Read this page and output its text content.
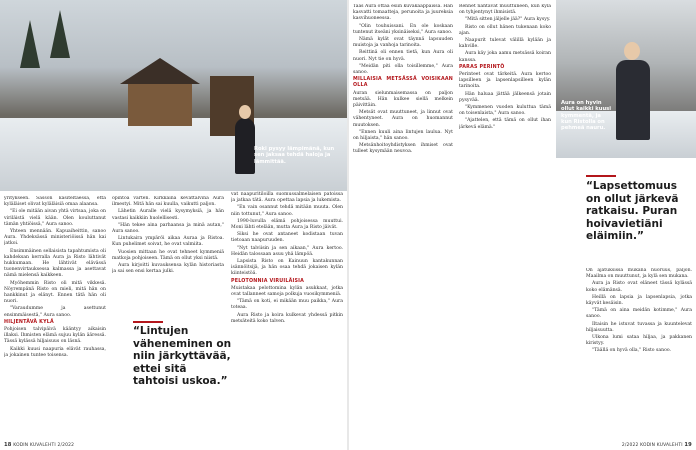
Roki pysyy lämpimänä, kun sen jaksaa tehdä haloja ja lämmittää.

yritykseen. Sasson käsiteltäessä, että kyläläiset olivat kyläläisiä omaa alaansa.

"Ei ole mitään aivan yhtä virtsaa, joka on viriläistä vielä kään. Olen kouluttanut tämän yhtiöissä," Aura sanoo.

Yhteen mennään. Kapuaiheittin, sanoo Aura. Yhdeksässä ministeriöissä hän kai jatkoi.

Ensimmäinen sellaisista tapahtumista oli kahdeksan kerralla Aura ja Risto lähtivät hukkumaan. He lähtivät elävässä tuonenvirtauksessa kalmassa ja asettavat nämä mielensä kaikkeen.

Myöhemmin Risto oli mitä vikkesä. Nöyrempänä Risto on mieli, mitä hän on hankkinut ja elänyt. Ennen tätä hän oli nuori.

"Varaudumme ja asettunut ensimmäisestä," Aura sanoo.

HILJENTÄVÄ KYLÄ

Pohjoisen talvipäivä kääntyy aikaisin illaksi. Ihmisten elämä sujuu kylän ääressä. Tässä kylässä hiljaisuus on läsnä.

Kaikki kuusi naapuria elävät rauhassa, ja jokainen tuntee toisensa.

opintoa varten. Kirkkaina kevättalvina Aura ilmestyi. Mitä hän sai kuulla, vaikutti paljon.

Lähetin Auralle vielä kysymyksiä, ja hän vastasi kaikkiin huolellisesti.

"Hän tekee aina parhaansa ja minä autan," Aura sanoo.

Lintukaira ympäröi aikaa Auraa ja Ristoa. Kun puhelimet soivat, he ovat valmiita.

Vuosien mittaan he ovat tehneet kymmeniä matkoja pohjoiseen. Tämä on ollut yksi niistä.

Aura kirjoitti kuvauksensa kylän historiasta ja sai sen ensi kertaa julki.

“Lintujen väheneminen on niin järkyttävää, ettei sitä tahtoisi uskoa.”

vat naapuritiloilla suomussalmelaisen patoissa ja jatkaa tätä. Aura opettaa lapsia ja lukemista.

"En vain osannut tehdä mitään muuta. Olen niin tottunut," Aura sanoo.

1990-luvulla elämä pohjoisessa muuttui. Moni lähti etelään, mutta Aura ja Risto jäivät.

Siksi he ovat antaneet kodistaan tuvan tietoaan naapuruuden.

"Nyt talviisin ja sen aikaan," Aura kertoo. Heidän talossaan asuu yhä lämpöä.

Lapsista Risto on Kainuun kantakunnan isännöitsijä, ja hän osaa tehdä jokaisen kylän kiinteistöä.

PELOTONNIA VIRUILÄISIA

Muistakaa pelottomina kylän asukkaat, jotka ovat tallanneet samoja polkuja vuosikymmeniä.

"Tämä on koti, ei mikään muu paikka," Aura toteaa.

Aura Risto ja koira kulkevat yhdessä pitkin metsäteitä koko talven.

18 KODIN KUVALEHTI 2/2022

Taas Aura ottaa esiin kuvakaappaissa. Hän kasvatti tomaatteja, perunoita ja juureksia kasvihuoneessa.

"Olin touhuissani. En ole koskaan tuntenut itseäni yksinäiseksi," Aura sanoo.

Nämä kylät ovat täynnä lapsuuden muistoja ja vanhoja tarinoita.

Reittinä oli ennen tietä, kun Aura oli nuori. Nyt tie on hyvä.

"Meidän piti olla toisillemme," Aura sanoo.

MILLAISIA METSÄSSÄ VOISIKAAN OLLA

Auran sielunmaisemassa on paljon metsää. Hän kulkee siellä melkein päivittäin.

Metsät ovat muuttuneet, ja linnut ovat vähentyneet. Aura on huomannut muutoksen.

"Ennen kuuli aina lintujen laulua. Nyt on hiljaista," hän sanoo.

Metsänhoitoyhdistyksen ihmiset ovat tulleet kysymään neuvoa.

Rennet nähtävät muuttuneen, kun kylä on tyhjentynyt ihmisistä.

"Mitä sitten jäljelle jää?" Aura kysyy.

Risto on ollut hänen tukenaan koko ajan.

Naapurit tulevat välillä kylään ja kahville.

Aura käy joka aamu metsässä koiran kanssa.

PARAS PERINTÖ

Perinteet ovat tärkeitä. Aura kertoo lapsilleen ja lapsenlapsilleen kylän tarinoita.

Hän haluaa jättää jälkeensä jotain pysyvää.

"Kymmenen vuoden kuluttua tämä on toisenlaista," Aura sanoo.

"Ajattelen, että tämä on ollut ihan järkevä elämä."

Aura on hyvin ollut kaikki kuusi kymmentä, ja kun Ristolla on pehmeä nauru.
“Lapsettomuus on ollut järkevä ratkaisu. Puran hoivavietiäni eläimiin.”

On ajatuksissa mukana nuoruus, paljon. Maailma on muuttunut, ja kylä sen mukana.

Aura ja Risto ovat eläneet tässä kylässä koko elämänsä.

Heillä on lapsia ja lapsenlapsia, jotka käyvät kesäisin.

"Tämä on aina meidän kotimme," Aura sanoo.

Iltaisin he istuvat tuvassa ja kuuntelevat hiljaisuutta.

Ulkona lumi sataa hiljaa, ja pakkanen kiristyy.

"Täällä on hyvä olla," Risto sanoo.

2/2022 KODIN KUVALEHTI 19
